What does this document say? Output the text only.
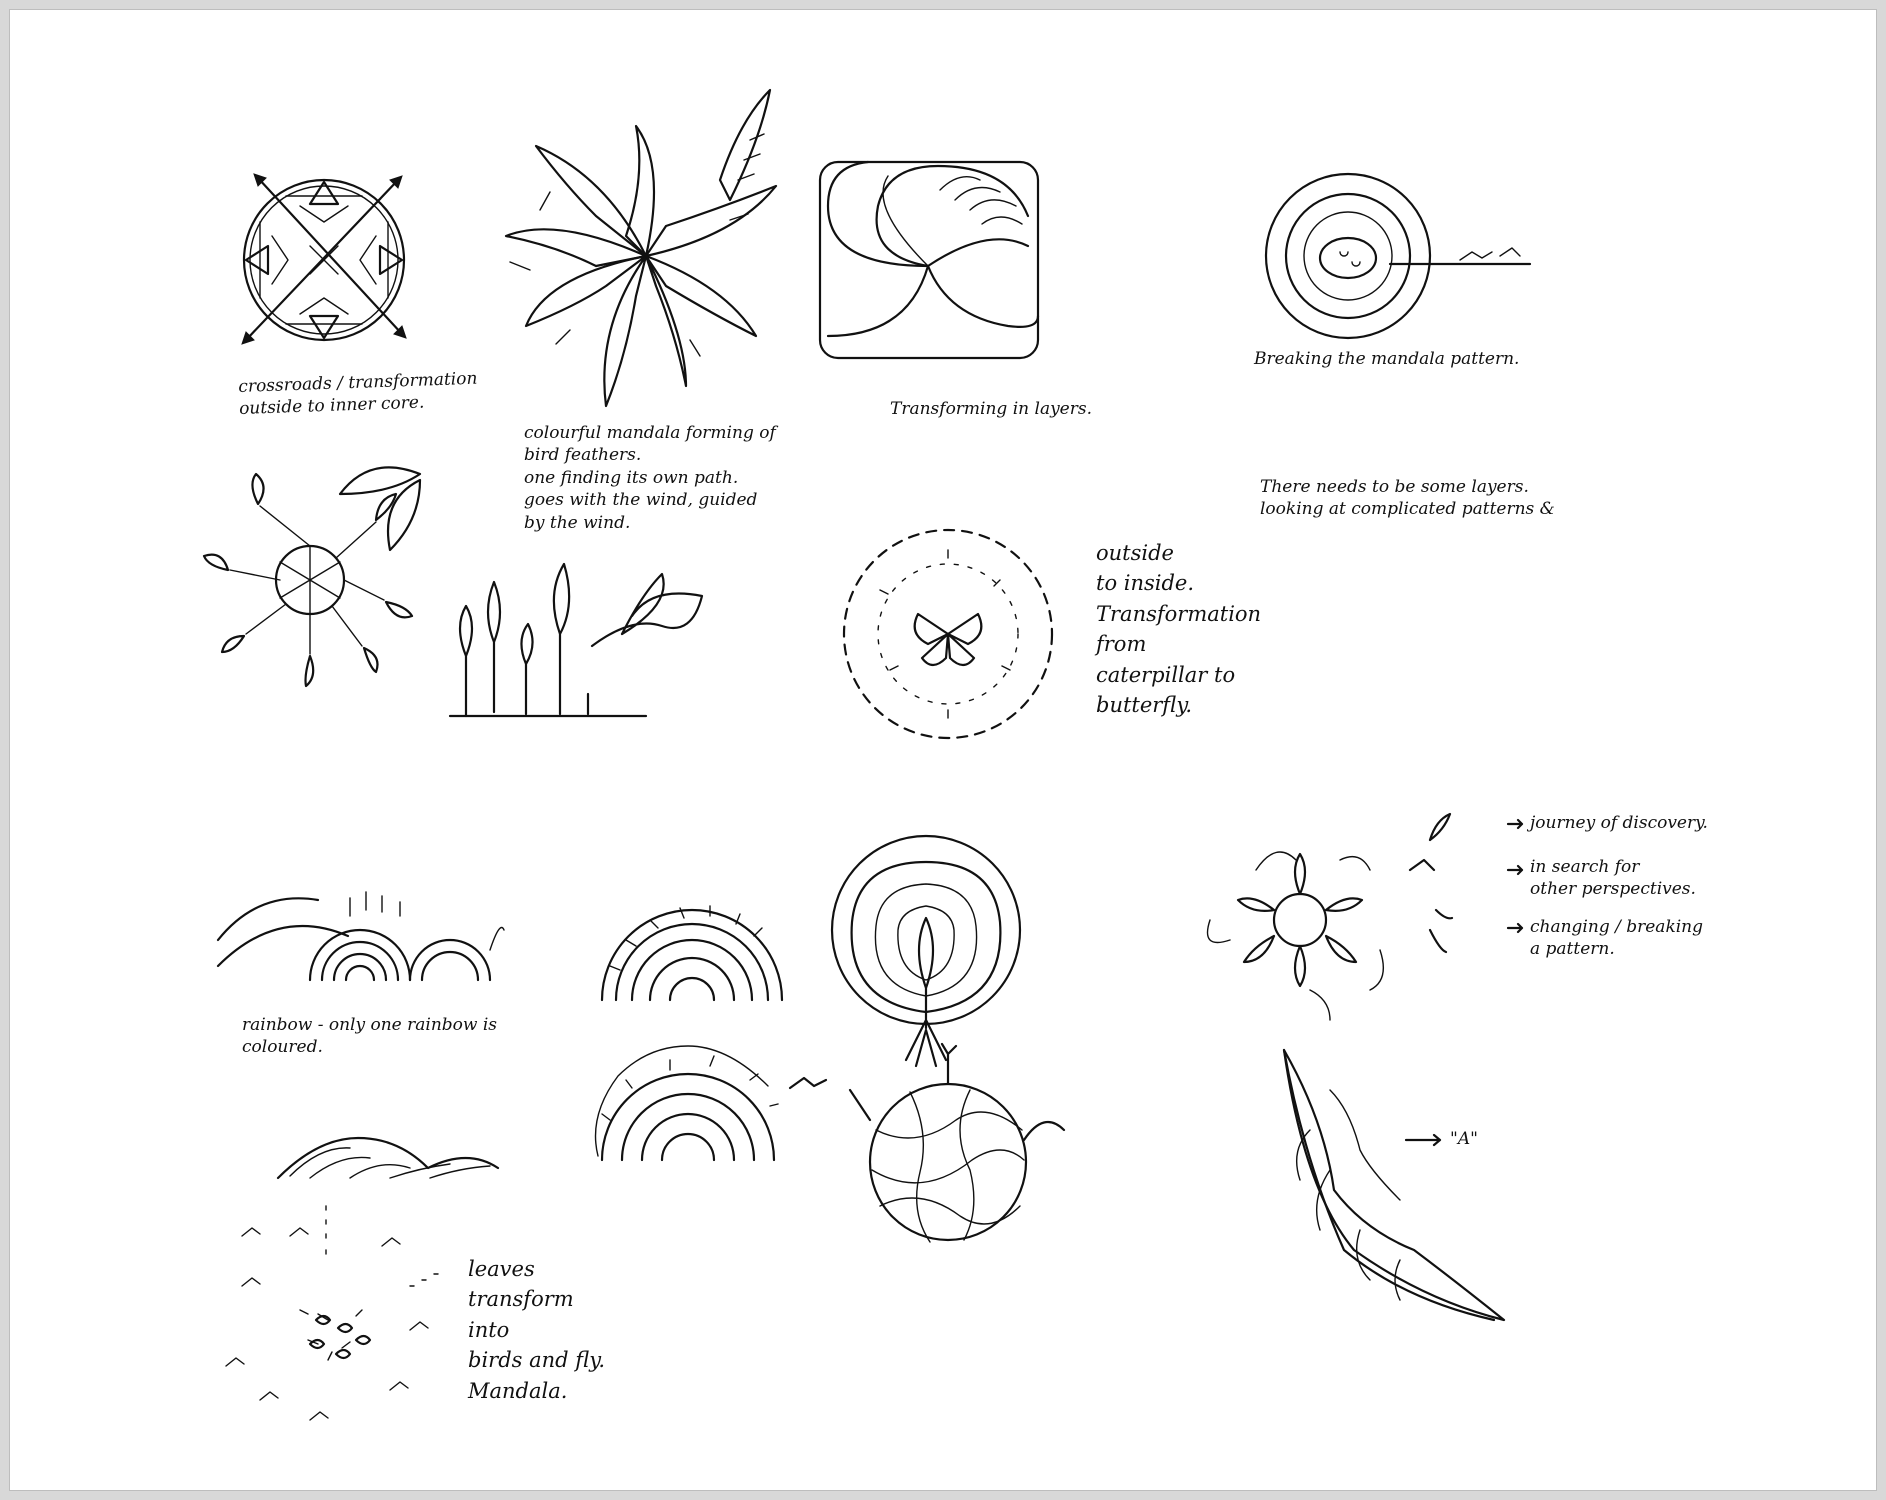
crossroads / transformation
outside to inner core.
colourful mandala forming of
bird feathers.
one finding its own path.
goes with the wind, guided
by the wind.
Transforming in layers.
Breaking the mandala pattern.
There needs to be some layers.
looking at complicated patterns &
outside
to inside.
Transformation
from
caterpillar to
butterfly.
journey of discovery.
in search for
other perspectives.
changing / breaking
a pattern.
rainbow - only one rainbow is
coloured.
"A"
leaves
transform
into
birds and fly.
Mandala.
